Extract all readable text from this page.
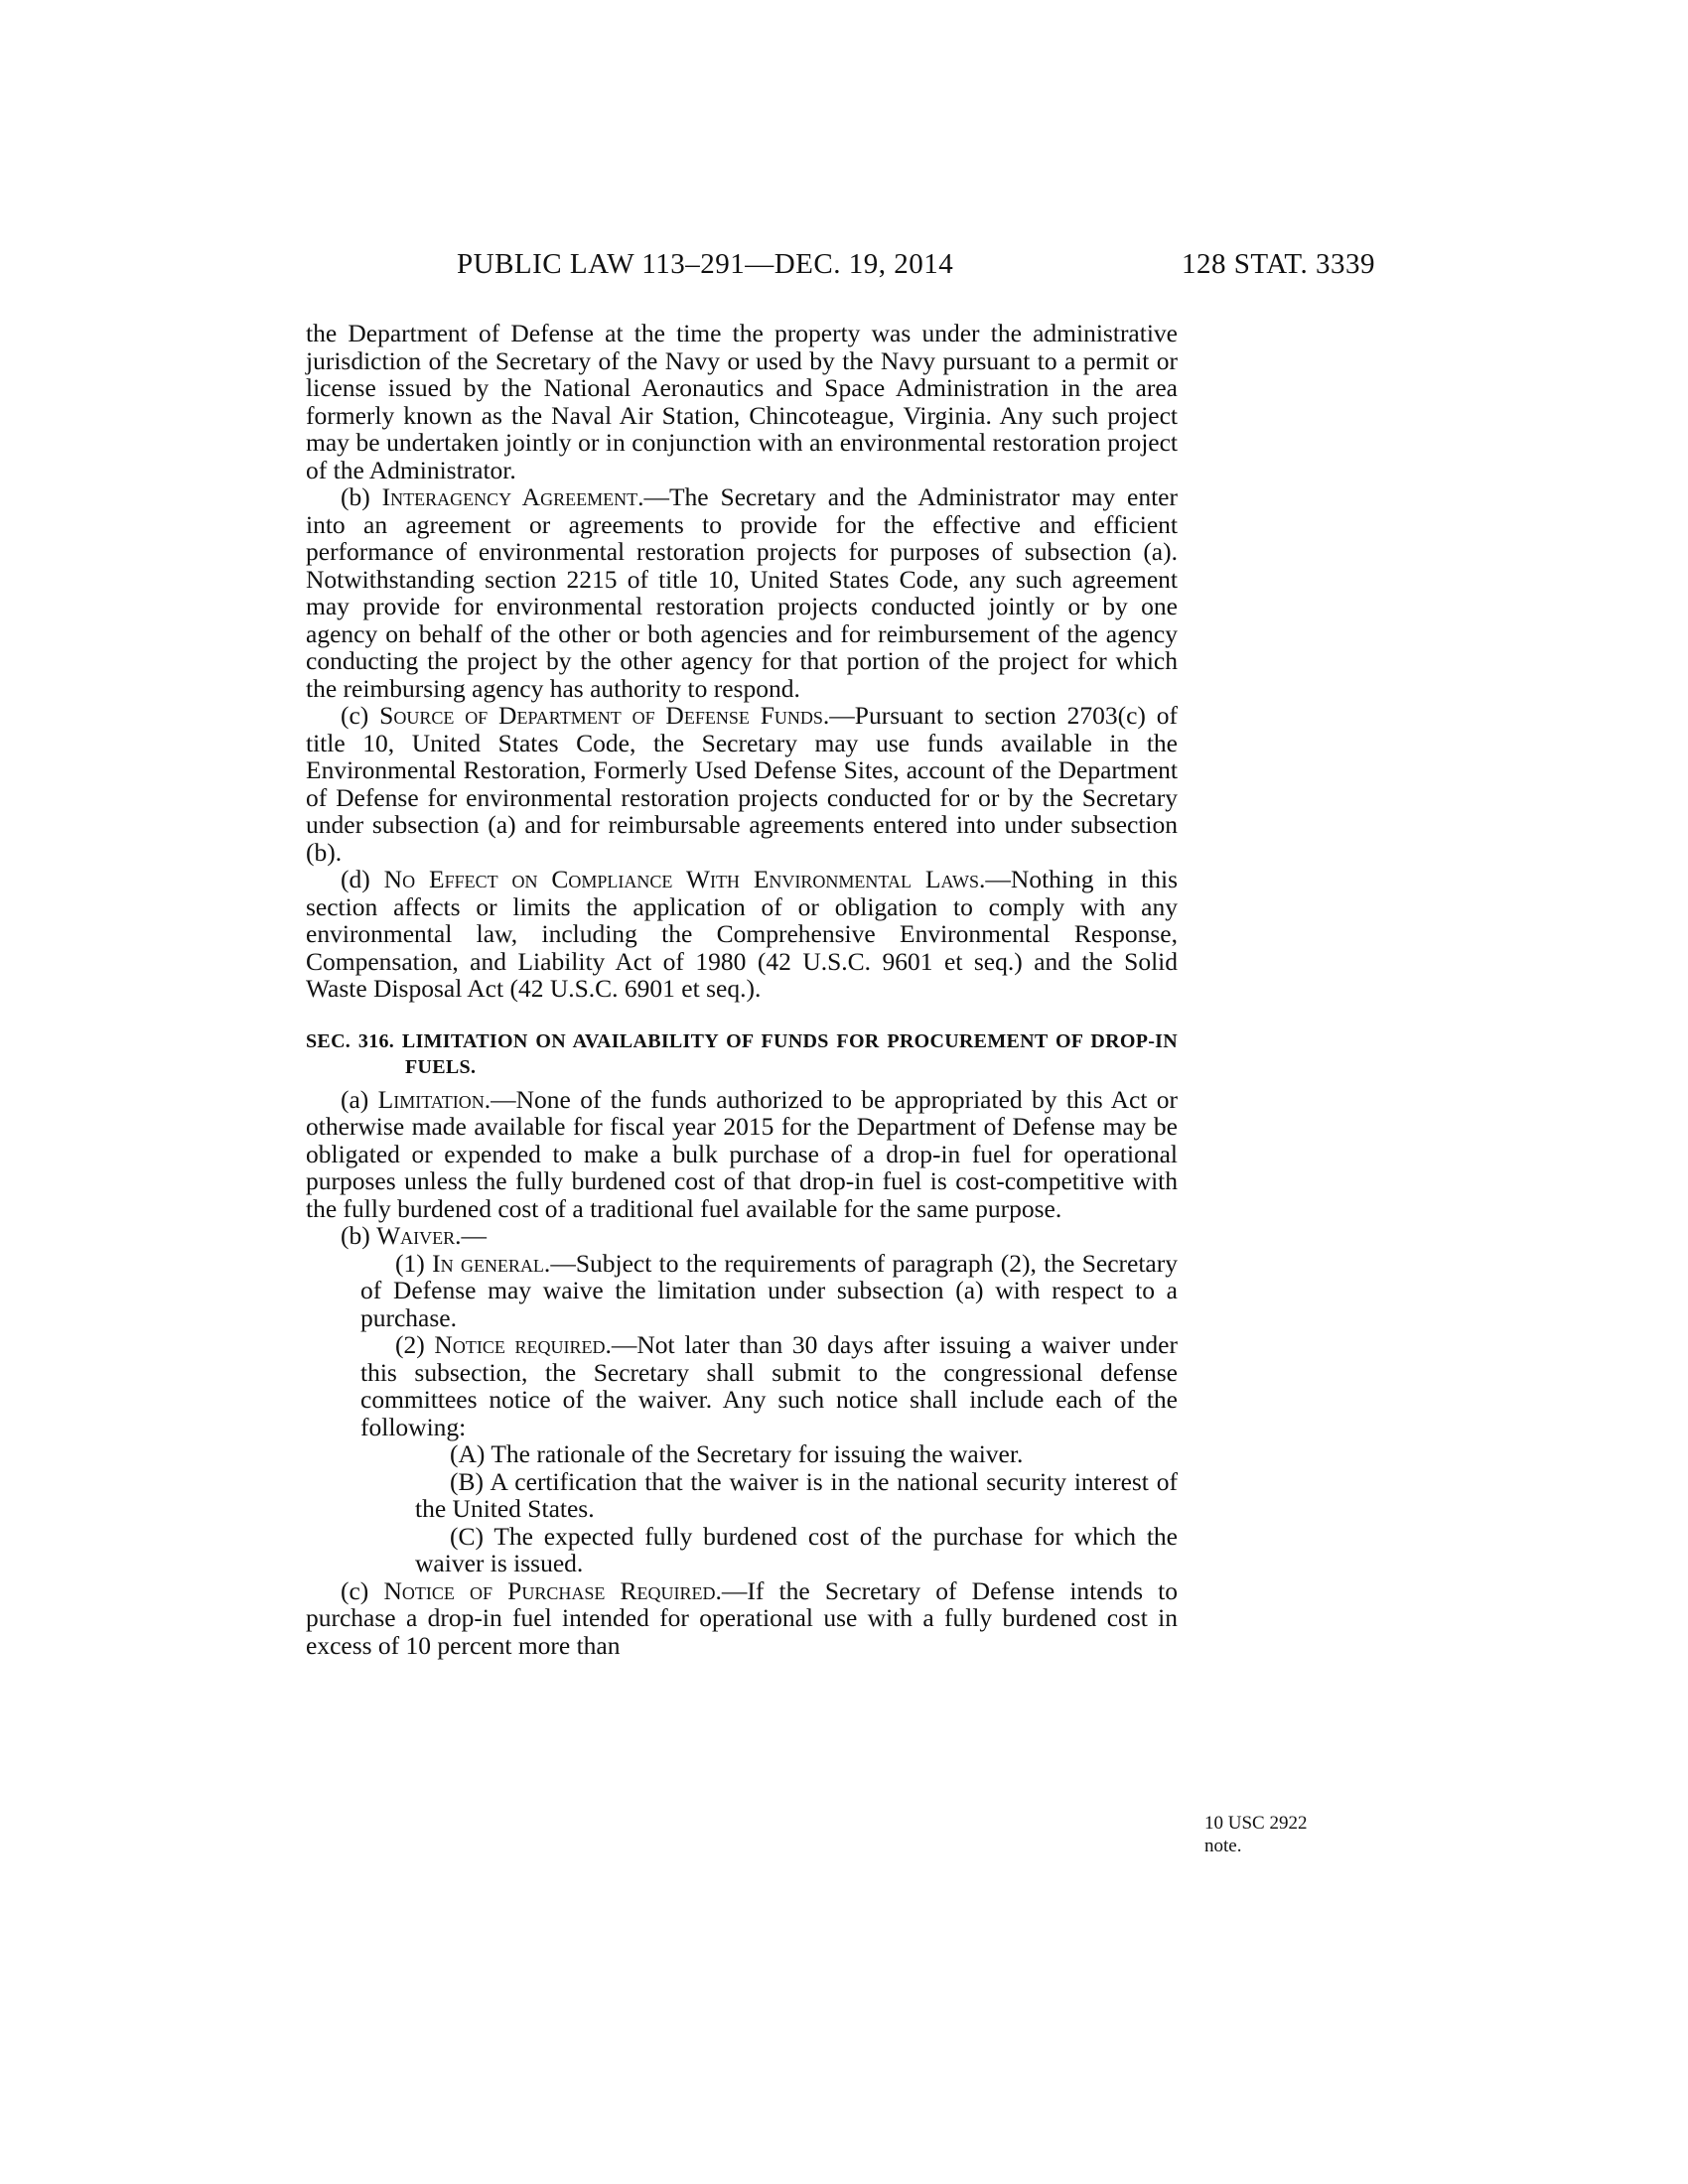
PUBLIC LAW 113–291—DEC. 19, 2014	128 STAT. 3339

the Department of Defense at the time the property was under the administrative jurisdiction of the Secretary of the Navy or used by the Navy pursuant to a permit or license issued by the National Aeronautics and Space Administration in the area formerly known as the Naval Air Station, Chincoteague, Virginia. Any such project may be undertaken jointly or in conjunction with an environmental restoration project of the Administrator.

(b) Interagency Agreement.—The Secretary and the Administrator may enter into an agreement or agreements to provide for the effective and efficient performance of environmental restoration projects for purposes of subsection (a). Notwithstanding section 2215 of title 10, United States Code, any such agreement may provide for environmental restoration projects conducted jointly or by one agency on behalf of the other or both agencies and for reimbursement of the agency conducting the project by the other agency for that portion of the project for which the reimbursing agency has authority to respond.

(c) Source of Department of Defense Funds.—Pursuant to section 2703(c) of title 10, United States Code, the Secretary may use funds available in the Environmental Restoration, Formerly Used Defense Sites, account of the Department of Defense for environmental restoration projects conducted for or by the Secretary under subsection (a) and for reimbursable agreements entered into under subsection (b).

(d) No Effect on Compliance With Environmental Laws.—Nothing in this section affects or limits the application of or obligation to comply with any environmental law, including the Comprehensive Environmental Response, Compensation, and Liability Act of 1980 (42 U.S.C. 9601 et seq.) and the Solid Waste Disposal Act (42 U.S.C. 6901 et seq.).

SEC. 316. LIMITATION ON AVAILABILITY OF FUNDS FOR PROCUREMENT OF DROP-IN FUELS.

(a) Limitation.—None of the funds authorized to be appropriated by this Act or otherwise made available for fiscal year 2015 for the Department of Defense may be obligated or expended to make a bulk purchase of a drop-in fuel for operational purposes unless the fully burdened cost of that drop-in fuel is cost-competitive with the fully burdened cost of a traditional fuel available for the same purpose.

(b) Waiver.—

(1) In general.—Subject to the requirements of paragraph (2), the Secretary of Defense may waive the limitation under subsection (a) with respect to a purchase.

(2) Notice required.—Not later than 30 days after issuing a waiver under this subsection, the Secretary shall submit to the congressional defense committees notice of the waiver. Any such notice shall include each of the following:

(A) The rationale of the Secretary for issuing the waiver.

(B) A certification that the waiver is in the national security interest of the United States.

(C) The expected fully burdened cost of the purchase for which the waiver is issued.

(c) Notice of Purchase Required.—If the Secretary of Defense intends to purchase a drop-in fuel intended for operational use with a fully burdened cost in excess of 10 percent more than

10 USC 2922
note.
